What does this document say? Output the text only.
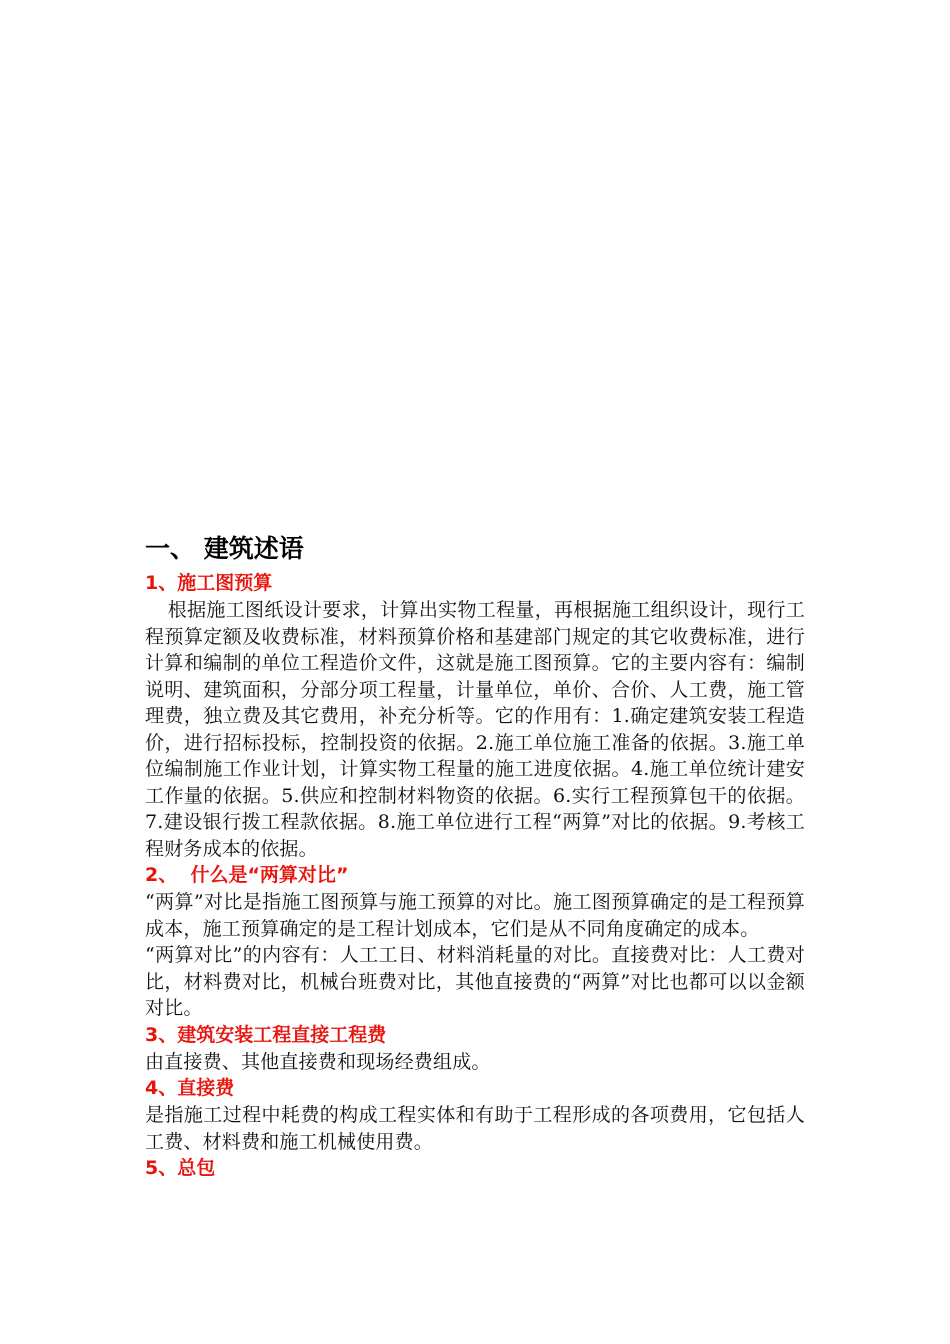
一、 建筑述语
1、施工图预算

根据施工图纸设计要求，计算出实物工程量，再根据施工组织设计，现行工程预算定额及收费标准，材料预算价格和基建部门规定的其它收费标准，进行计算和编制的单位工程造价文件，这就是施工图预算。它的主要内容有：编制说明、建筑面积，分部分项工程量，计量单位，单价、合价、人工费，施工管理费，独立费及其它费用，补充分析等。它的作用有：1.确定建筑安装工程造价，进行招标投标，控制投资的依据。2.施工单位施工准备的依据。3.施工单位编制施工作业计划，计算实物工程量的施工进度依据。4.施工单位统计建安工作量的依据。5.供应和控制材料物资的依据。6.实行工程预算包干的依据。7.建设银行拨工程款依据。8.施工单位进行工程“两算”对比的依据。9.考核工程财务成本的依据。

2、  什么是“两算对比”

“两算”对比是指施工图预算与施工预算的对比。施工图预算确定的是工程预算成本，施工预算确定的是工程计划成本，它们是从不同角度确定的成本。

“两算对比”的内容有：人工工日、材料消耗量的对比。直接费对比：人工费对比，材料费对比，机械台班费对比，其他直接费的“两算”对比也都可以以金额对比。

3、建筑安装工程直接工程费

由直接费、其他直接费和现场经费组成。

4、直接费

是指施工过程中耗费的构成工程实体和有助于工程形成的各项费用，它包括人工费、材料费和施工机械使用费。

5、总包
